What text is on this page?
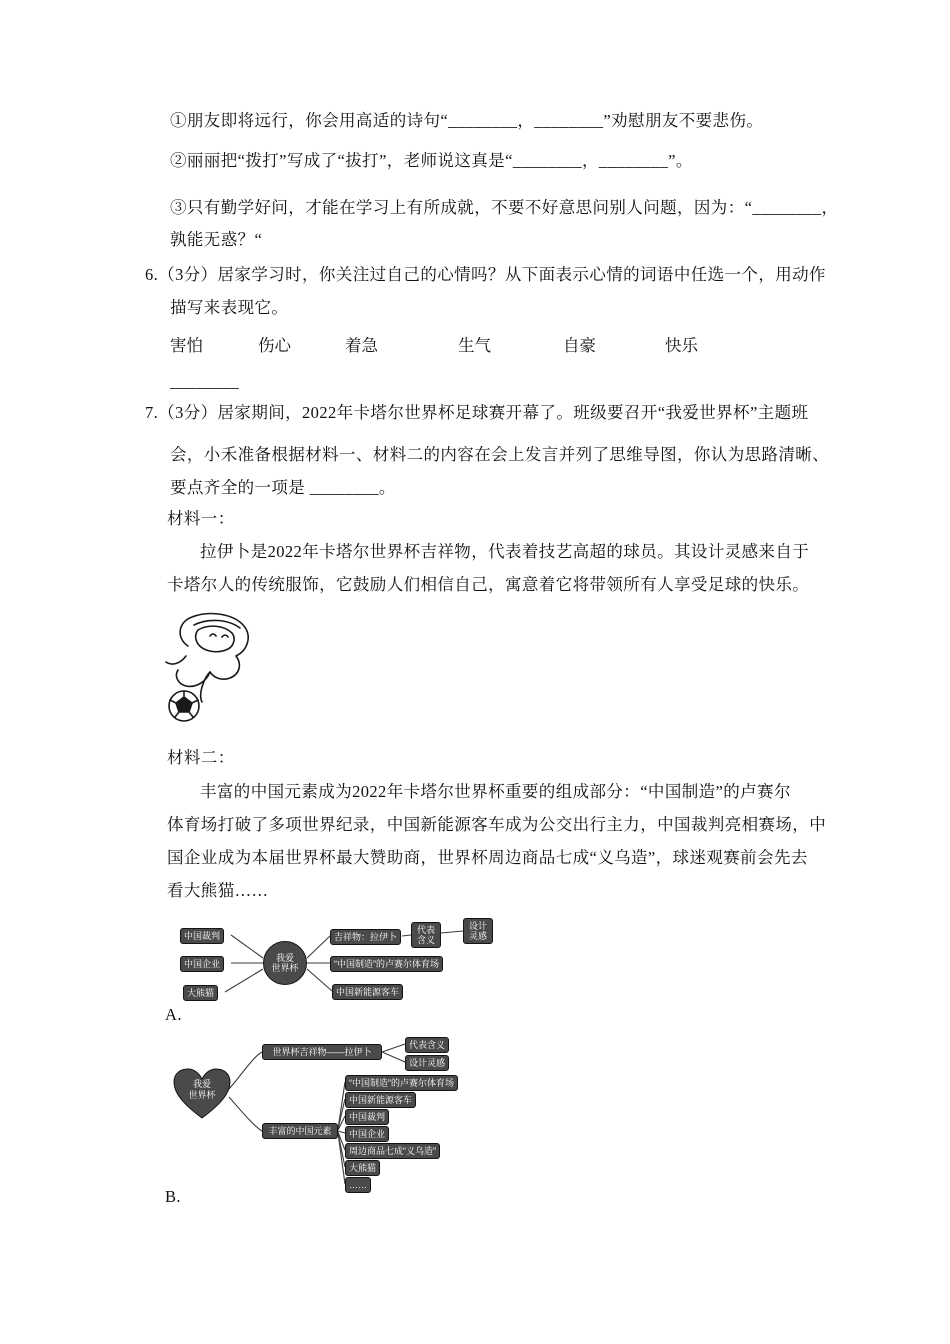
①朋友即将远行，你会用高适的诗句“________，________”劝慰朋友不要悲伤。
②丽丽把“拨打”写成了“拔打”，老师说这真是“________，________”。
③只有勤学好问，才能在学习上有所成就，不要不好意思问别人问题，因为：“________，
孰能无惑？“
6.（3分）居家学习时，你关注过自己的心情吗？从下面表示心情的词语中任选一个，用动作
描写来表现它。
害怕	伤心	着急	生气	自豪	快乐
________
7.（3分）居家期间，2022年卡塔尔世界杯足球赛开幕了。班级要召开“我爱世界杯”主题班
会，小禾准备根据材料一、材料二的内容在会上发言并列了思维导图，你认为思路清晰、
要点齐全的一项是 ________。
材料一：
拉伊卜是2022年卡塔尔世界杯吉祥物，代表着技艺高超的球员。其设计灵感来自于
卡塔尔人的传统服饰，它鼓励人们相信自己，寓意着它将带领所有人享受足球的快乐。
材料二：
丰富的中国元素成为2022年卡塔尔世界杯重要的组成部分：“中国制造”的卢赛尔
体育场打破了多项世界纪录，中国新能源客车成为公交出行主力，中国裁判亮相赛场，中
国企业成为本届世界杯最大赞助商，世界杯周边商品七成“义乌造”，球迷观赛前会先去
看大熊猫……
中国裁判
中国企业
大熊猫
我爱
世界杯
吉祥物：拉伊卜
代表含义
设计灵感
“中国制造”的卢赛尔体育场
中国新能源客车
A.
世界杯吉祥物——拉伊卜
代表含义
设计灵感
我爱
世界杯
丰富的中国元素
“中国制造”的卢赛尔体育场
中国新能源客车
中国裁判
中国企业
周边商品七成“义乌造”
大熊猫
……
B.
